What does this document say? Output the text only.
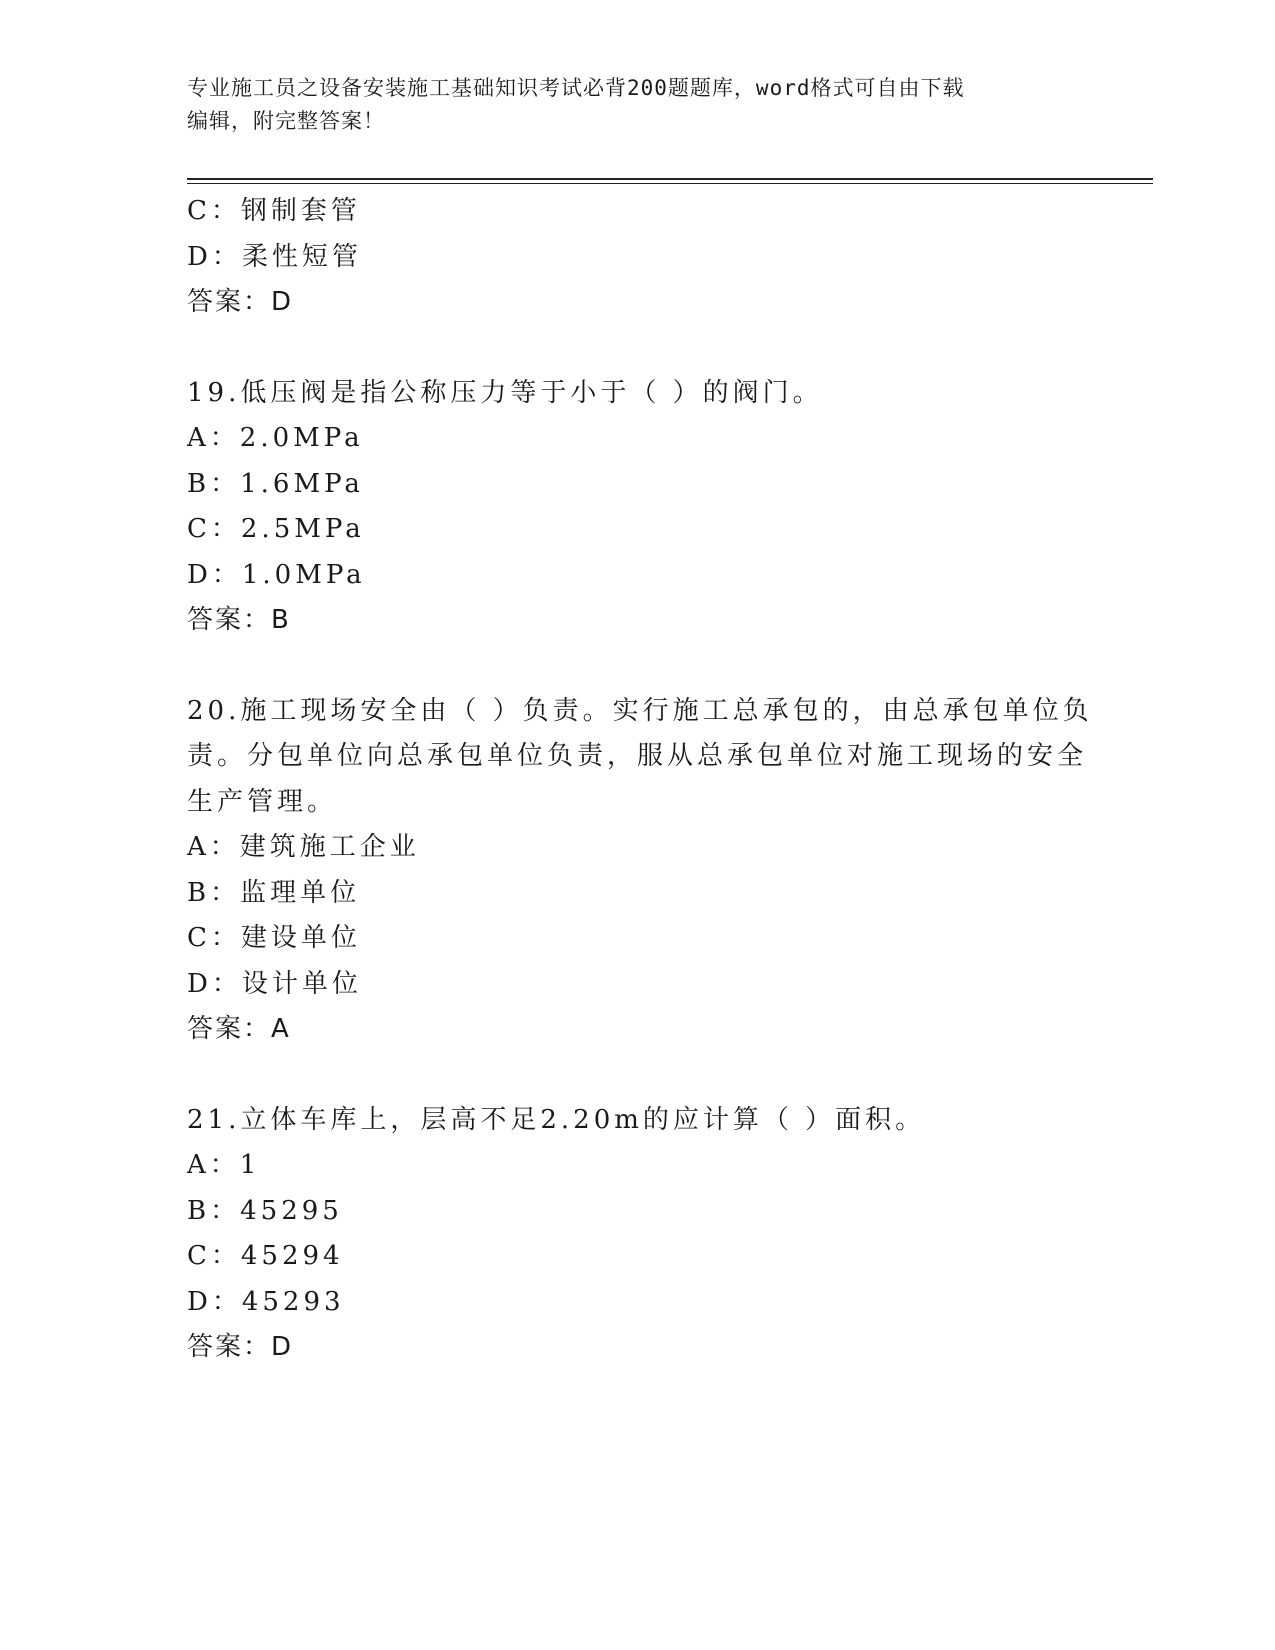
专业施工员之设备安装施工基础知识考试必背200题题库，word格式可自由下载
编辑，附完整答案！
C：钢制套管
D：柔性短管
答案：D
19.低压阀是指公称压力等于小于（ ）的阀门。
A：2.0MPa
B：1.6MPa
C：2.5MPa
D：1.0MPa
答案：B
20.施工现场安全由（ ）负责。实行施工总承包的，由总承包单位负
责。分包单位向总承包单位负责，服从总承包单位对施工现场的安全
生产管理。
A：建筑施工企业
B：监理单位
C：建设单位
D：设计单位
答案：A
21.立体车库上，层高不足2.20m的应计算（ ）面积。
A：1
B：45295
C：45294
D：45293
答案：D
